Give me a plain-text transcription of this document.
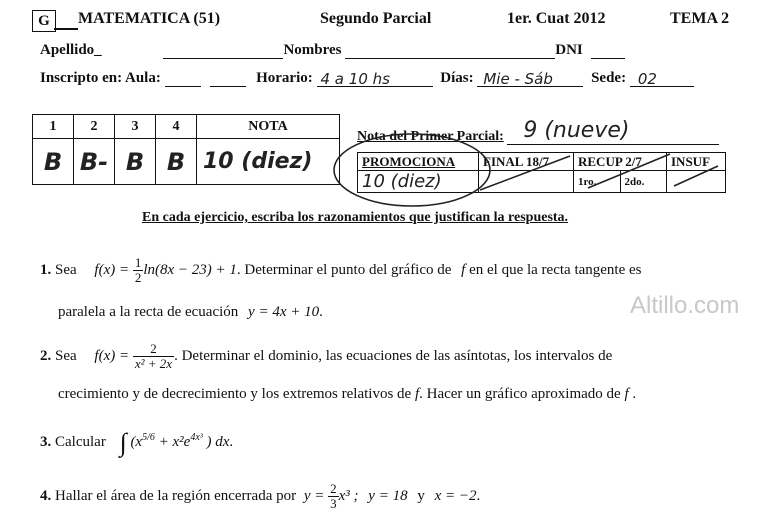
G	MATEMATICA (51)	Segundo Parcial	1er. Cuat 2012	TEMA 2
Apellido_	Nombres	DNI
Inscripto en: Aula:	Horario: 4 a 10 hs	Días: Mie - Sáb	Sede: 02
1	2	3	4	NOTA
B	B-	B	B	10 (diez)
Nota del Primer Parcial: 9 (nueve)
PROMOCIONA	FINAL 18/7	RECUP 2/7		INSUF
10 (diez)		1ro.	2do.	
En cada ejercicio, escriba los razonamientos que justifican la respuesta.
Altillo.com
1. Sea $f(x) = \frac{1}{2} \ln(8x - 23) + 1$. Determinar el punto del gráfico de f en el que la recta tangente es
paralela a la recta de ecuación y = 4x + 10.
2. Sea $f(x) = \frac{2}{\text{x² + 2x}}$ . Determinar el dominio, las ecuaciones de las asíntotas, los intervalos de
crecimiento y de decrecimiento y los extremos relativos de f. Hacer un gráfico aproximado de f .
3. Calcular ∫ ($x^{5/6} + x^2e^{4x^3}$ ) dx.
4. Hallar el área de la región encerrada por $y = \frac{2}{3} x^3$ ; y = 18 y x = −2.
